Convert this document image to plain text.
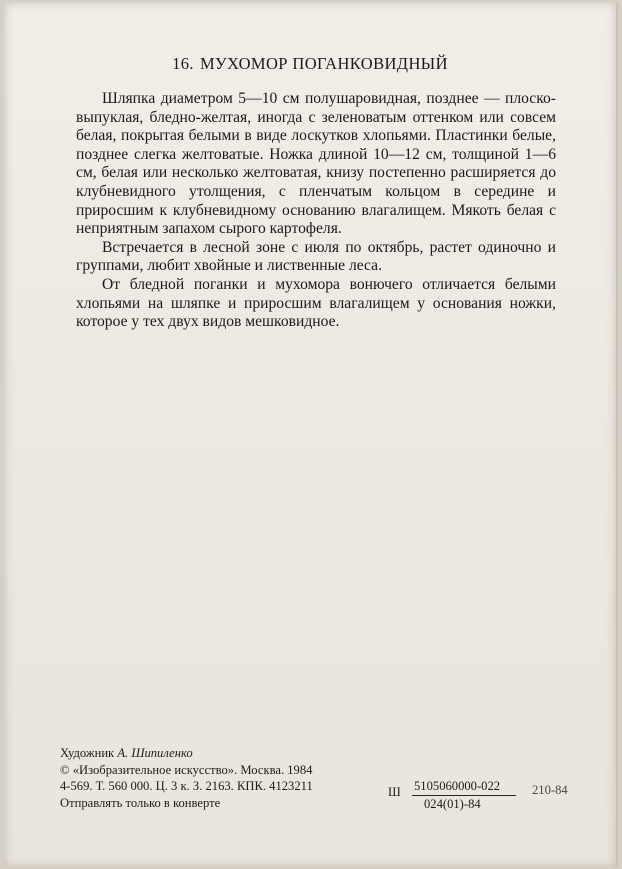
16. МУХОМОР ПОГАНКОВИДНЫЙ

Шляпка диаметром 5—10 см полушаровидная, позднее — плоско-выпуклая, бледно-желтая, иногда с зеленоватым оттенком или совсем белая, покрытая белыми в виде лоскутков хлопьями. Пластинки белые, позднее слегка желтоватые. Ножка длиной 10—12 см, толщиной 1—6 см, белая или несколько желтоватая, книзу постепенно расширяется до клубневидного утолщения, с пленчатым кольцом в середине и приросшим к клубневидному основанию влагалищем. Мякоть белая с неприятным запахом сырого картофеля.

Встречается в лесной зоне с июля по октябрь, растет одиночно и группами, любит хвойные и лиственные леса.

От бледной поганки и мухомора вонючего отличается белыми хлопьями на шляпке и приросшим влагалищем у основания ножки, которое у тех двух видов мешковидное.

Художник А. Шипиленко
© «Изобразительное искусство». Москва. 1984
4-569. Т. 560 000. Ц. 3 к. З. 2163. КПК. 4123211
Отправлять только в конверте
Ш 5105060000-022
024(01)-84
210-84
